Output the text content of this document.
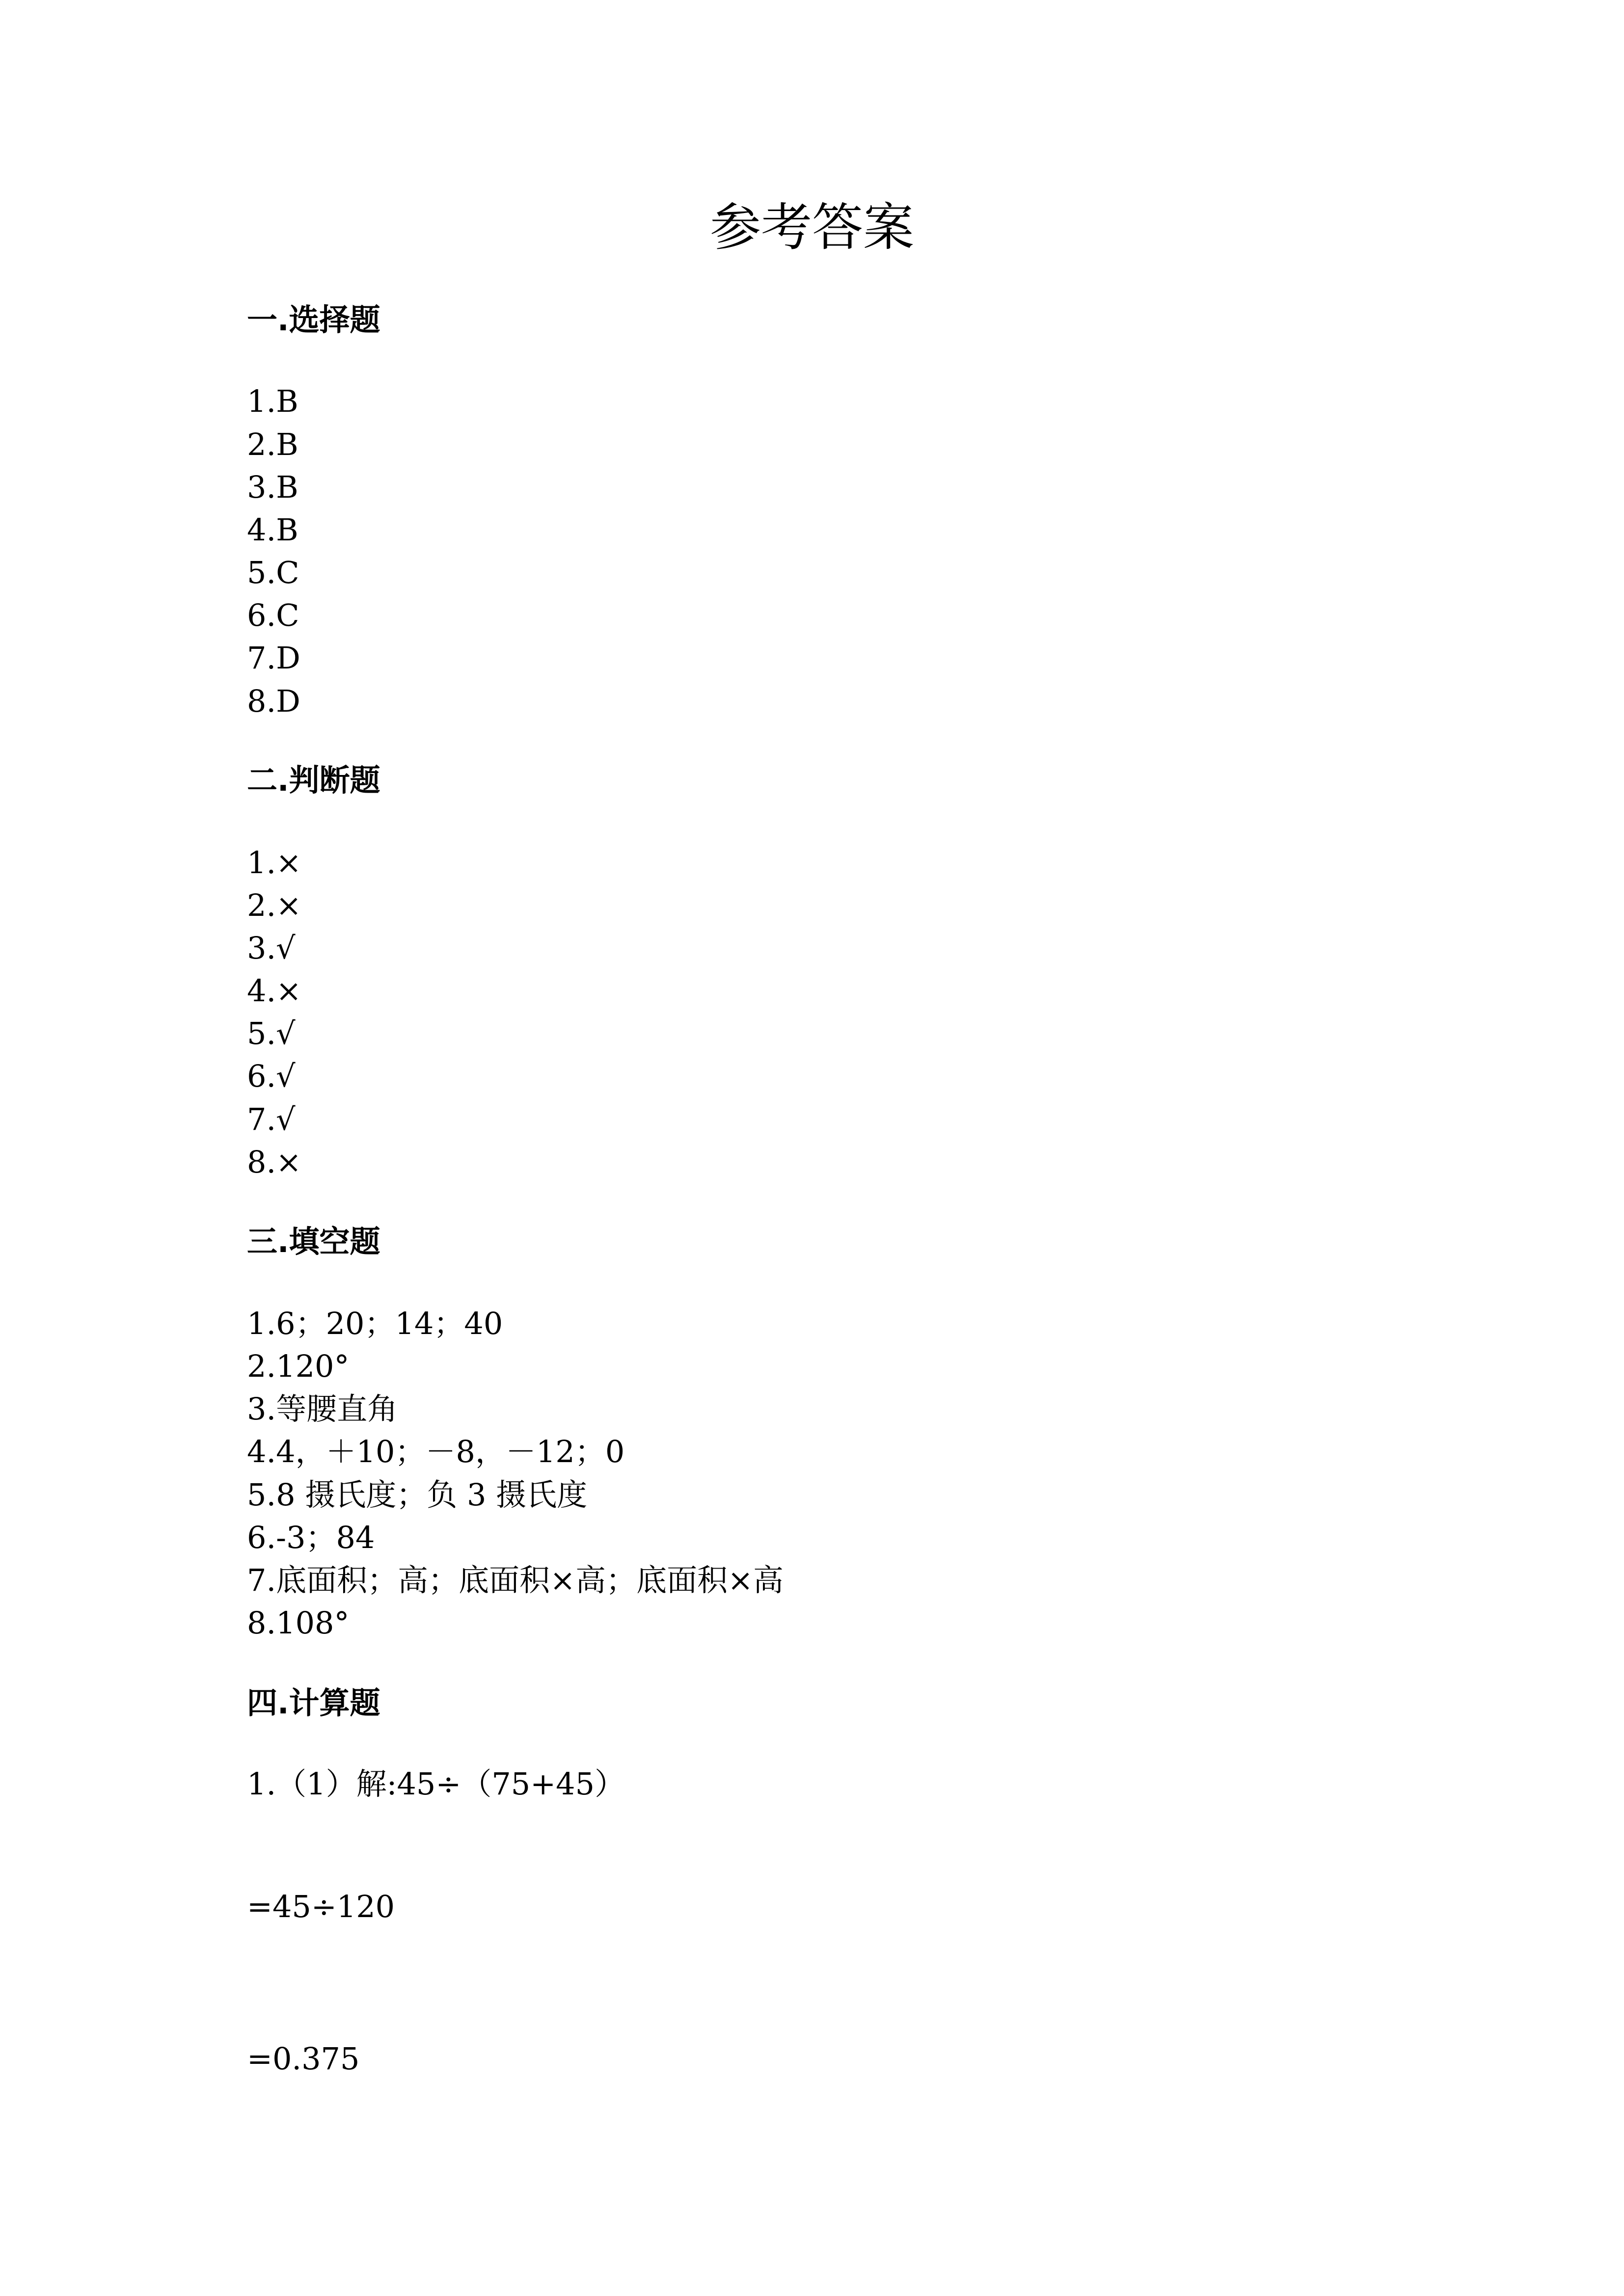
参考答案
一.选择题
1.B
2.B
3.B
4.B
5.C
6.C
7.D
8.D
二.判断题
1.×
2.×
3.√
4.×
5.√
6.√
7.√
8.×
三.填空题
1.6；20；14；40
2.120°
3.等腰直角
4.4，＋10；－8，－12；0
5.8 摄氏度；负 3 摄氏度
6.-3；84
7.底面积；高；底面积×高；底面积×高
8.108°
四.计算题
1.（1）解:45÷（75+45）
=45÷120
=0.375
